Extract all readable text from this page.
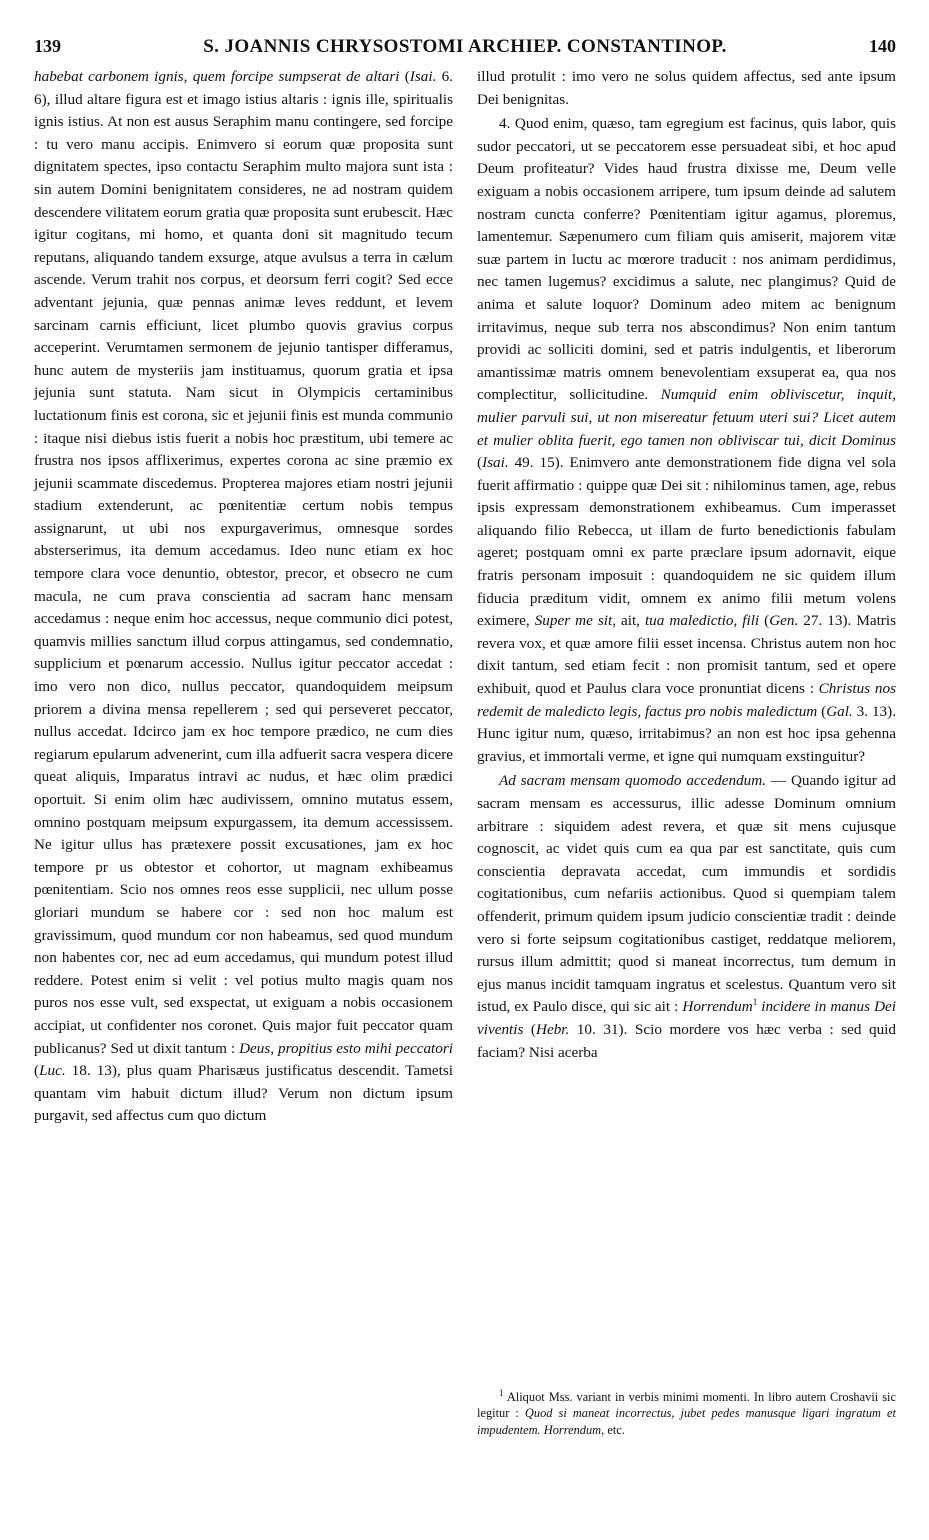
139	S. JOANNIS CHRYSOSTOMI ARCHIEP. CONSTANTINOP.	140

habebat carbonem ignis, quem forcipe sumpserat de altari (Isai. 6. 6), illud altare figura est et imago istius altaris : ignis ille, spiritualis ignis istius. At non est ausus Seraphim manu contingere, sed forcipe : tu vero manu accipis. Enimvero si eorum quæ proposita sunt dignitatem spectes, ipso contactu Seraphim multo majora sunt ista : sin autem Domini benignitatem consideres, ne ad nostram quidem descendere vilitatem eorum gratia quæ proposita sunt erubescit. Hæc igitur cogitans, mi homo, et quanta doni sit magnitudo tecum reputans, aliquando tandem exsurge, atque avulsus a terra in cælum ascende. Verum trahit nos corpus, et deorsum ferri cogit? Sed ecce adventant jejunia, quæ pennas animæ leves reddunt, et levem sarcinam carnis efficiunt, licet plumbo quovis gravius corpus acceperint. Verumtamen sermonem de jejunio tantisper differamus, hunc autem de mysteriis jam instituamus, quorum gratia et ipsa jejunia sunt statuta. Nam sicut in Olympicis certaminibus luctationum finis est corona, sic et jejunii finis est munda communio : itaque nisi diebus istis fuerit a nobis hoc præstitum, ubi temere ac frustra nos ipsos afflixerimus, expertes corona ac sine præmio ex jejunii scammate discedemus. Propterea majores etiam nostri jejunii stadium extenderunt, ac pœnitentiæ certum nobis tempus assignarunt, ut ubi nos expurgaverimus, omnesque sordes absterserimus, ita demum accedamus. Ideo nunc etiam ex hoc tempore clara voce denuntio, obtestor, precor, et obsecro ne cum macula, ne cum prava conscientia ad sacram hanc mensam accedamus : neque enim hoc accessus, neque communio dici potest, quamvis millies sanctum illud corpus attingamus, sed condemnatio, supplicium et pœnarum accessio. Nullus igitur peccator accedat : imo vero non dico, nullus peccator, quandoquidem meipsum priorem a divina mensa repellerem ; sed qui perseveret peccator, nullus accedat. Idcirco jam ex hoc tempore prædico, ne cum dies regiarum epularum advenerint, cum illa adfuerit sacra vespera dicere queat aliquis, Imparatus intravi ac nudus, et hæc olim prædici oportuit. Si enim olim hæc audivissem, omnino mutatus essem, omnino postquam meipsum expurgassem, ita demum accessissem. Ne igitur ullus has prætexere possit excusationes, jam ex hoc tempore pr us obtestor et cohortor, ut magnam exhibeamus pœnitentiam. Scio nos omnes reos esse supplicii, nec ullum posse gloriari mundum se habere cor : sed non hoc malum est gravissimum, quod mundum cor non habeamus, sed quod mundum non habentes cor, nec ad eum accedamus, qui mundum potest illud reddere. Potest enim si velit : vel potius multo magis quam nos puros nos esse vult, sed exspectat, ut exiguam a nobis occasionem accipiat, ut confidenter nos coronet. Quis major fuit peccator quam publicanus? Sed ut dixit tantum : Deus, propitius esto mihi peccatori (Luc. 18. 13), plus quam Pharisæus justificatus descendit. Tametsi quantam vim habuit dictum illud? Verum non dictum ipsum purgavit, sed affectus cum quo dictum

illud protulit : imo vero ne solus quidem affectus, sed ante ipsum Dei benignitas.

4. Quod enim, quæso, tam egregium est facinus, quis labor, quis sudor peccatori, ut se peccatorem esse persuadeat sibi, et hoc apud Deum profiteatur? Vides haud frustra dixisse me, Deum velle exiguam a nobis occasionem arripere, tum ipsum deinde ad salutem nostram cuncta conferre? Pœnitentiam igitur agamus, ploremus, lamentemur. Sæpenumero cum filiam quis amiserit, majorem vitæ suæ partem in luctu ac mœrore traducit : nos animam perdidimus, nec tamen lugemus? excidimus a salute, nec plangimus? Quid de anima et salute loquor? Dominum adeo mitem ac benignum irritavimus, neque sub terra nos abscondimus? Non enim tantum providi ac solliciti domini, sed et patris indulgentis, et liberorum amantissimæ matris omnem benevolentiam exsuperat ea, qua nos complectitur, sollicitudine. Numquid enim obliviscetur, inquit, mulier parvuli sui, ut non misereatur fetuum uteri sui? Licet autem et mulier oblita fuerit, ego tamen non obliviscar tui, dicit Dominus (Isai. 49. 15). Enimvero ante demonstrationem fide digna vel sola fuerit affirmatio : quippe quæ Dei sit : nihilominus tamen, age, rebus ipsis expressam demonstrationem exhibeamus. Cum imperasset aliquando filio Rebecca, ut illam de furto benedictionis fabulam ageret; postquam omni ex parte præclare ipsum adornavit, eique fratris personam imposuit : quandoquidem ne sic quidem illum fiducia præditum vidit, omnem ex animo filii metum volens eximere, Super me sit, ait, tua maledictio, fili (Gen. 27. 13). Matris revera vox, et quæ amore filii esset incensa. Christus autem non hoc dixit tantum, sed etiam fecit : non promisit tantum, sed et opere exhibuit, quod et Paulus clara voce pronuntiat dicens : Christus nos redemit de maledicto legis, factus pro nobis maledictum (Gal. 3. 13). Hunc igitur num, quæso, irritabimus? an non est hoc ipsa gehenna gravius, et immortali verme, et igne qui numquam exstinguitur?

Ad sacram mensam quomodo accedendum. — Quando igitur ad sacram mensam es accessurus, illic adesse Dominum omnium arbitrare : siquidem adest revera, et quæ sit mens cujusque cognoscit, ac videt quis cum ea qua par est sanctitate, quis cum conscientia depravata accedat, cum immundis et sordidis cogitationibus, cum nefariis actionibus. Quod si quempiam talem offenderit, primum quidem ipsum judicio conscientiæ tradit : deinde vero si forte seipsum cogitationibus castiget, reddatque meliorem, rursus illum admittit; quod si maneat incorrectus, tum demum in ejus manus incidit tamquam ingratus et scelestus. Quantum vero sit istud, ex Paulo disce, qui sic ait : Horrendum$^1$ incidere in manus Dei viventis (Hebr. 10. 31). Scio mordere vos hæc verba : sed quid faciam? Nisi acerba

$^1$ Aliquot Mss. variant in verbis minimi momenti. In libro autem Croshavii sic legitur : Quod si maneat incorrectus, jubet pedes manusque ligari ingratum et impudentem. Horrendum, etc.
